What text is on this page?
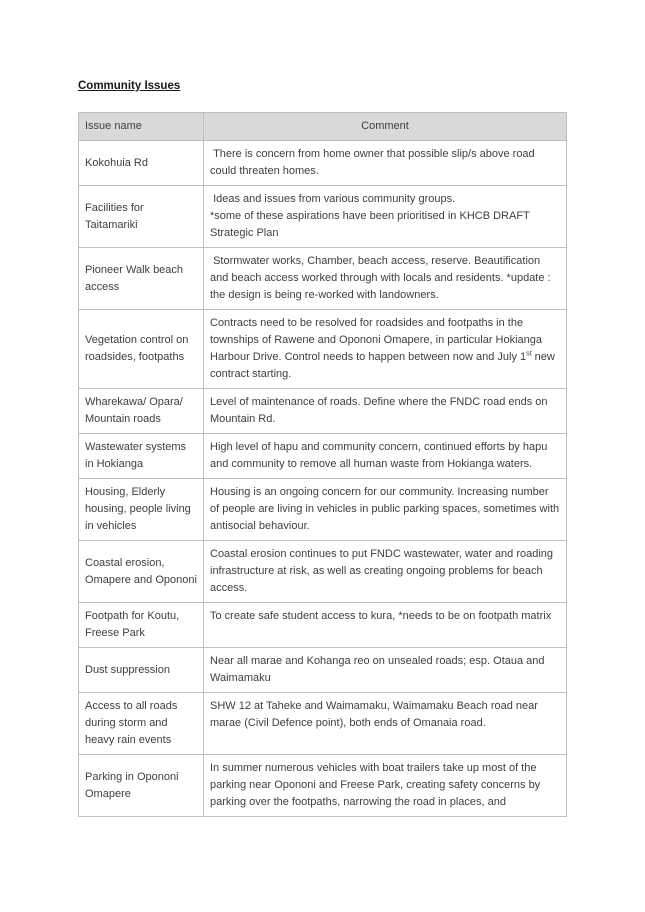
Community Issues
Issue name	Comment
Kokohuia Rd	There is concern from home owner that possible slip/s above road could threaten homes.
Facilities for Taitamariki	Ideas and issues from various community groups.
*some of these aspirations have been prioritised in KHCB DRAFT Strategic Plan
Pioneer Walk beach access	Stormwater works, Chamber, beach access, reserve. Beautification and beach access worked through with locals and residents. *update : the design is being re-worked with landowners.
Vegetation control on roadsides, footpaths	Contracts need to be resolved for roadsides and footpaths in the townships of Rawene and Opononi Omapere, in particular Hokianga Harbour Drive. Control needs to happen between now and July 1st new contract starting.
Wharekawa/ Opara/ Mountain roads	Level of maintenance of roads. Define where the FNDC road ends on Mountain Rd.
Wastewater systems in Hokianga	High level of hapu and community concern, continued efforts by hapu and community to remove all human waste from Hokianga waters.
Housing, Elderly housing, people living in vehicles	Housing is an ongoing concern for our community. Increasing number of people are living in vehicles in public parking spaces, sometimes with antisocial behaviour.
Coastal erosion, Omapere and Opononi	Coastal erosion continues to put FNDC wastewater, water and roading infrastructure at risk, as well as creating ongoing problems for beach access.
Footpath for Koutu, Freese Park	To create safe student access to kura, *needs to be on footpath matrix
Dust suppression	Near all marae and Kohanga reo on unsealed roads; esp. Otaua and Waimamaku
Access to all roads during storm and heavy rain events	SHW 12 at Taheke and Waimamaku, Waimamaku Beach road near marae (Civil Defence point), both ends of Omanaia road.
Parking in Opononi Omapere	In summer numerous vehicles with boat trailers take up most of the parking near Opononi and Freese Park, creating safety concerns by parking over the footpaths, narrowing the road in places, and
